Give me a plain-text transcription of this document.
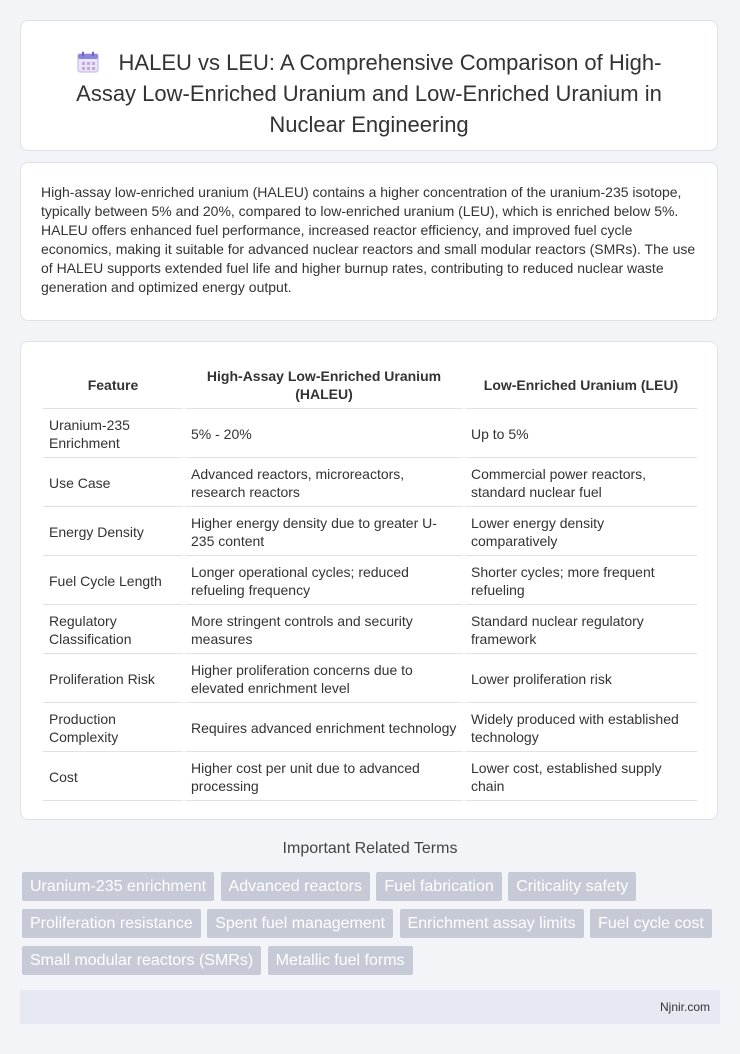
HALEU vs LEU: A Comprehensive Comparison of High-Assay Low-Enriched Uranium and Low-Enriched Uranium in Nuclear Engineering

High-assay low-enriched uranium (HALEU) contains a higher concentration of the uranium-235 isotope, typically between 5% and 20%, compared to low-enriched uranium (LEU), which is enriched below 5%. HALEU offers enhanced fuel performance, increased reactor efficiency, and improved fuel cycle economics, making it suitable for advanced nuclear reactors and small modular reactors (SMRs). The use of HALEU supports extended fuel life and higher burnup rates, contributing to reduced nuclear waste generation and optimized energy output.

Feature	High-Assay Low-Enriched Uranium (HALEU)	Low-Enriched Uranium (LEU)
Uranium-235 Enrichment	5% - 20%	Up to 5%
Use Case	Advanced reactors, microreactors, research reactors	Commercial power reactors, standard nuclear fuel
Energy Density	Higher energy density due to greater U-235 content	Lower energy density comparatively
Fuel Cycle Length	Longer operational cycles; reduced refueling frequency	Shorter cycles; more frequent refueling
Regulatory Classification	More stringent controls and security measures	Standard nuclear regulatory framework
Proliferation Risk	Higher proliferation concerns due to elevated enrichment level	Lower proliferation risk
Production Complexity	Requires advanced enrichment technology	Widely produced with established technology
Cost	Higher cost per unit due to advanced processing	Lower cost, established supply chain
Important Related Terms
Uranium-235 enrichment Advanced reactors Fuel fabrication Criticality safety Proliferation resistance Spent fuel management Enrichment assay limits Fuel cycle cost Small modular reactors (SMRs) Metallic fuel forms
Njnir.com
